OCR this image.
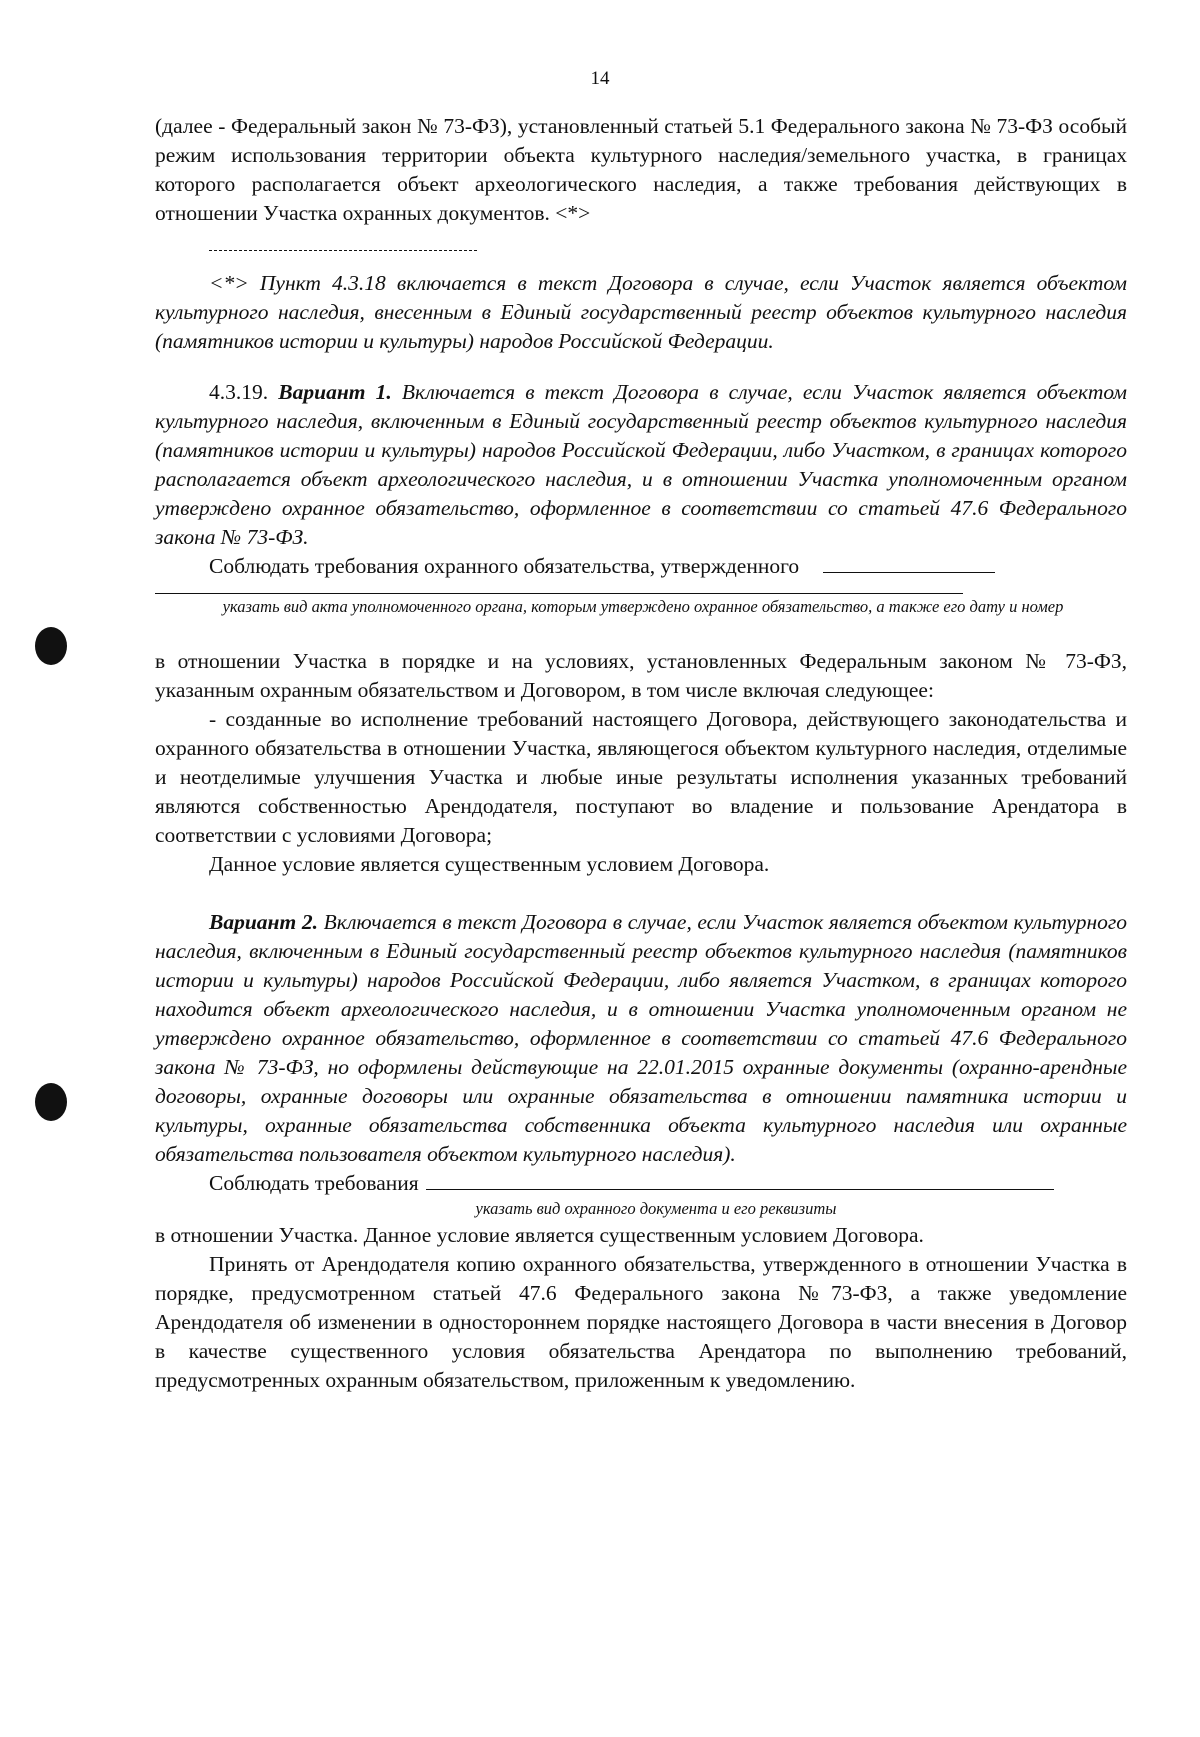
14

(далее - Федеральный закон № 73-ФЗ), установленный статьей 5.1 Федерального закона № 73-ФЗ особый режим использования территории объекта культурного наследия/земельного участка, в границах которого располагается объект археологического наследия, а также требования действующих в отношении Участка охранных документов. <*>

<*> Пункт 4.3.18 включается в текст Договора в случае, если Участок является объектом культурного наследия, внесенным в Единый государственный реестр объектов культурного наследия (памятников истории и культуры) народов Российской Федерации.

4.3.19. Вариант 1. Включается в текст Договора в случае, если Участок является объектом культурного наследия, включенным в Единый государственный реестр объектов культурного наследия (памятников истории и культуры) народов Российской Федерации, либо Участком, в границах которого располагается объект археологического наследия, и в отношении Участка уполномоченным органом утверждено охранное обязательство, оформленное в соответствии со статьей 47.6 Федерального закона № 73-ФЗ.

Соблюдать требования охранного обязательства, утвержденного

указать вид акта уполномоченного органа, которым утверждено охранное обязательство, а также его дату и номер

в отношении Участка в порядке и на условиях, установленных Федеральным законом № 73-ФЗ, указанным охранным обязательством и Договором, в том числе включая следующее:

- созданные во исполнение требований настоящего Договора, действующего законодательства и охранного обязательства в отношении Участка, являющегося объектом культурного наследия, отделимые и неотделимые улучшения Участка и любые иные результаты исполнения указанных требований являются собственностью Арендодателя, поступают во владение и пользование Арендатора в соответствии с условиями Договора;

Данное условие является существенным условием Договора.

Вариант 2. Включается в текст Договора в случае, если Участок является объектом культурного наследия, включенным в Единый государственный реестр объектов культурного наследия (памятников истории и культуры) народов Российской Федерации, либо является Участком, в границах которого находится объект археологического наследия, и в отношении Участка уполномоченным органом не утверждено охранное обязательство, оформленное в соответствии со статьей 47.6 Федерального закона № 73-ФЗ, но оформлены действующие на 22.01.2015 охранные документы (охранно-арендные договоры, охранные договоры или охранные обязательства в отношении памятника истории и культуры, охранные обязательства собственника объекта культурного наследия или охранные обязательства пользователя объектом культурного наследия).

Соблюдать требования

указать вид охранного документа и его реквизиты

в отношении Участка. Данное условие является существенным условием Договора.

Принять от Арендодателя копию охранного обязательства, утвержденного в отношении Участка в порядке, предусмотренном статьей 47.6 Федерального закона №73-ФЗ, а также уведомление Арендодателя об изменении в одностороннем порядке настоящего Договора в части внесения в Договор в качестве существенного условия обязательства Арендатора по выполнению требований, предусмотренных охранным обязательством, приложенным к уведомлению.
